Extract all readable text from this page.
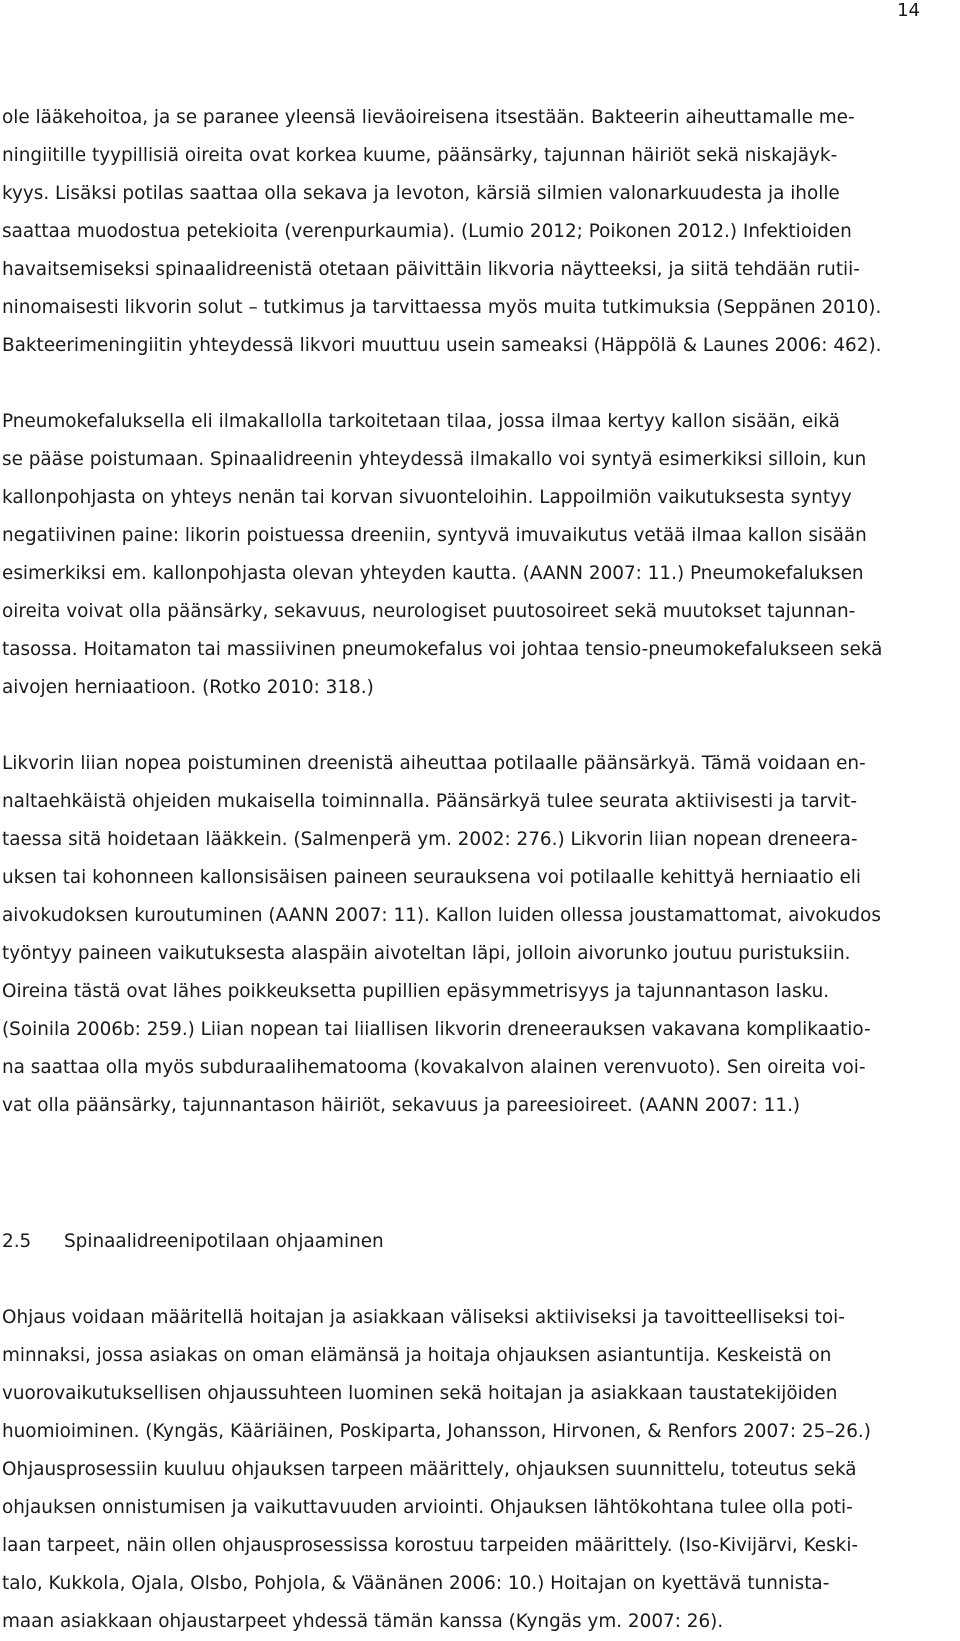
14
ole lääkehoitoa, ja se paranee yleensä lieväoireisena itsestään. Bakteerin aiheuttamalle me-
ningiitille tyypillisiä oireita ovat korkea kuume, päänsärky, tajunnan häiriöt sekä niskajäyk-
kyys. Lisäksi potilas saattaa olla sekava ja levoton, kärsiä silmien valonarkuudesta ja iholle
saattaa muodostua petekioita (verenpurkaumia). (Lumio 2012; Poikonen 2012.) Infektioiden
havaitsemiseksi spinaalidreenistä otetaan päivittäin likvoria näytteeksi, ja siitä tehdään rutii-
ninomaisesti likvorin solut – tutkimus ja tarvittaessa myös muita tutkimuksia (Seppänen 2010).
Bakteerimeningiitin yhteydessä likvori muuttuu usein sameaksi (Häppölä & Launes 2006: 462).
Pneumokefaluksella eli ilmakallolla tarkoitetaan tilaa, jossa ilmaa kertyy kallon sisään, eikä
se pääse poistumaan. Spinaalidreenin yhteydessä ilmakallo voi syntyä esimerkiksi silloin, kun
kallonpohjasta on yhteys nenän tai korvan sivuonteloihin. Lappoilmiön vaikutuksesta syntyy
negatiivinen paine: likorin poistuessa dreeniin, syntyvä imuvaikutus vetää ilmaa kallon sisään
esimerkiksi em. kallonpohjasta olevan yhteyden kautta. (AANN 2007: 11.) Pneumokefaluksen
oireita voivat olla päänsärky, sekavuus, neurologiset puutosoireet sekä muutokset tajunnan-
tasossa. Hoitamaton tai massiivinen pneumokefalus voi johtaa tensio-pneumokefalukseen sekä
aivojen herniaatioon. (Rotko 2010: 318.)
Likvorin liian nopea poistuminen dreenistä aiheuttaa potilaalle päänsärkyä. Tämä voidaan en-
naltaehkäistä ohjeiden mukaisella toiminnalla. Päänsärkyä tulee seurata aktiivisesti ja tarvit-
taessa sitä hoidetaan lääkkein. (Salmenperä ym. 2002: 276.) Likvorin liian nopean dreneera-
uksen tai kohonneen kallonsisäisen paineen seurauksena voi potilaalle kehittyä herniaatio eli
aivokudoksen kuroutuminen (AANN 2007: 11). Kallon luiden ollessa joustamattomat, aivokudos
työntyy paineen vaikutuksesta alaspäin aivoteltan läpi, jolloin aivorunko joutuu puristuksiin.
Oireina tästä ovat lähes poikkeuksetta pupillien epäsymmetrisyys ja tajunnantason lasku.
(Soinila 2006b: 259.) Liian nopean tai liiallisen likvorin dreneerauksen vakavana komplikaatio-
na saattaa olla myös subduraalihematooma (kovakalvon alainen verenvuoto). Sen oireita voi-
vat olla päänsärky, tajunnantason häiriöt, sekavuus ja pareesioireet. (AANN 2007: 11.)
2.5 Spinaalidreenipotilaan ohjaaminen
Ohjaus voidaan määritellä hoitajan ja asiakkaan väliseksi aktiiviseksi ja tavoitteelliseksi toi-
minnaksi, jossa asiakas on oman elämänsä ja hoitaja ohjauksen asiantuntija. Keskeistä on
vuorovaikutuksellisen ohjaussuhteen luominen sekä hoitajan ja asiakkaan taustatekijöiden
huomioiminen. (Kyngäs, Kääriäinen, Poskiparta, Johansson, Hirvonen, & Renfors 2007: 25–26.)
Ohjausprosessiin kuuluu ohjauksen tarpeen määrittely, ohjauksen suunnittelu, toteutus sekä
ohjauksen onnistumisen ja vaikuttavuuden arviointi. Ohjauksen lähtökohtana tulee olla poti-
laan tarpeet, näin ollen ohjausprosessissa korostuu tarpeiden määrittely. (Iso-Kivijärvi, Keski-
talo, Kukkola, Ojala, Olsbo, Pohjola, & Väänänen 2006: 10.) Hoitajan on kyettävä tunnista-
maan asiakkaan ohjaustarpeet yhdessä tämän kanssa (Kyngäs ym. 2007: 26).
